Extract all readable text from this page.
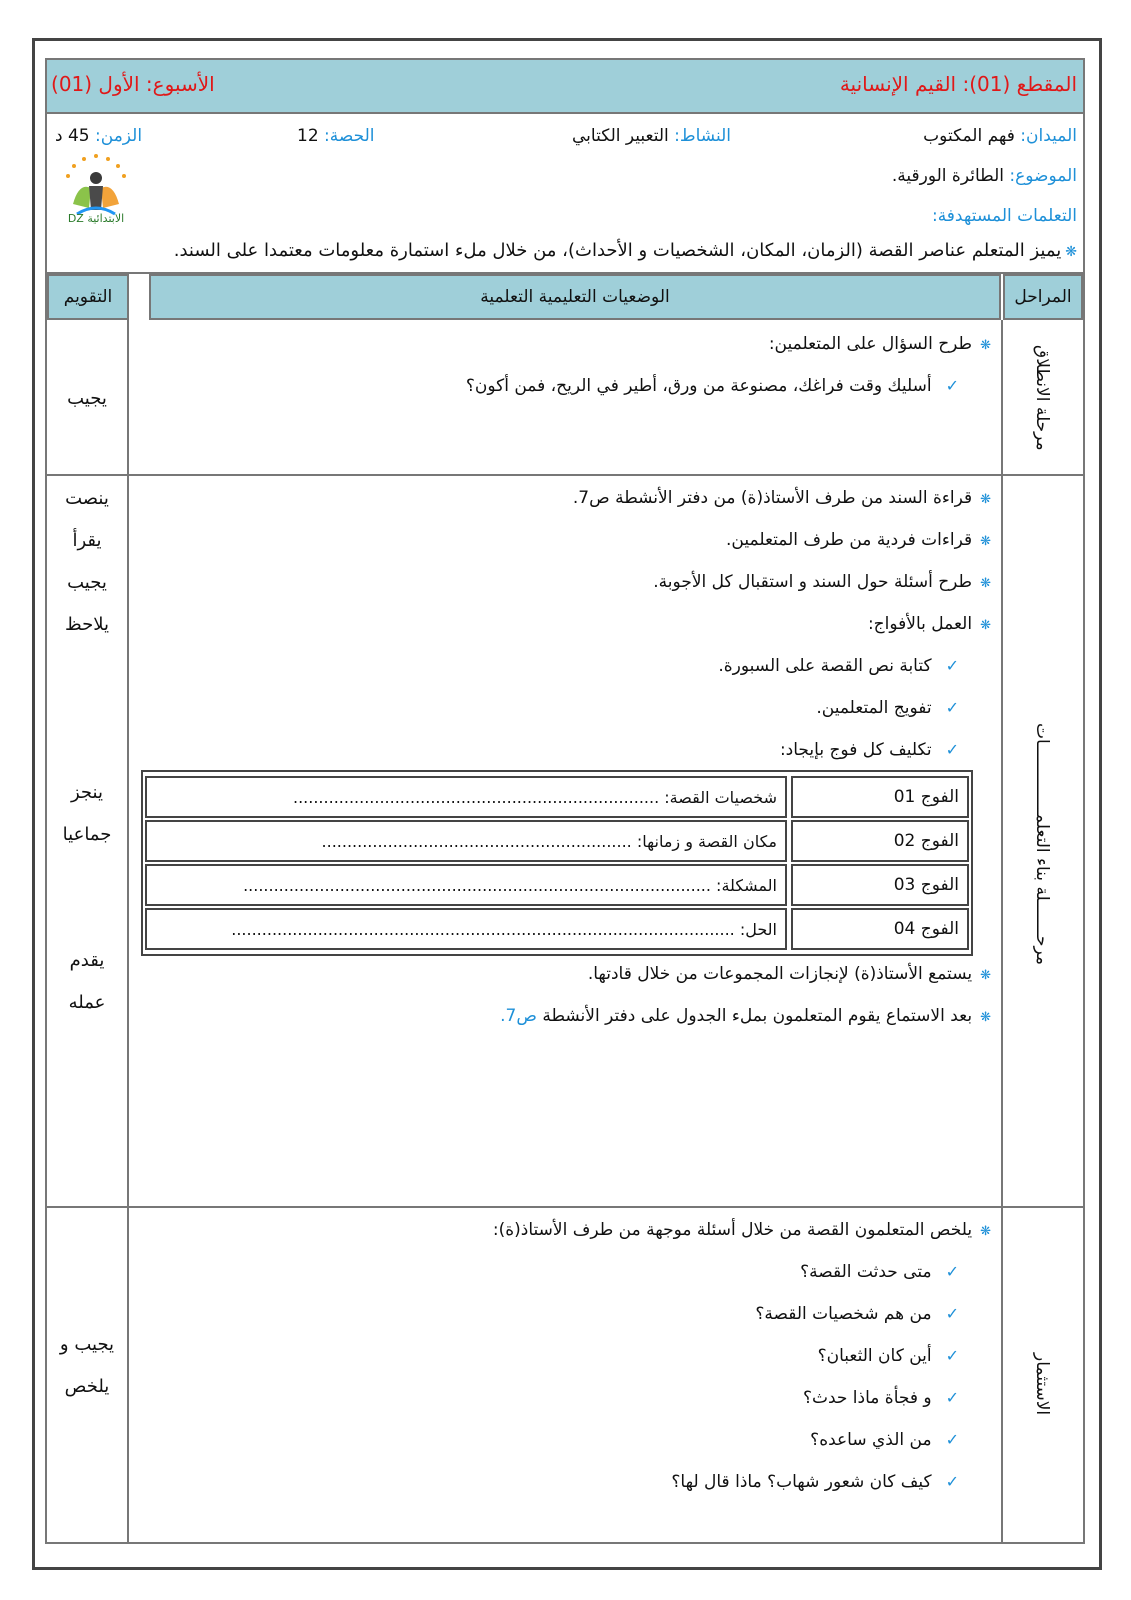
المقطع (01): القيم الإنسانية
الأسبوع: الأول (01)
الميدان: فهم المكتوب
النشاط: التعبير الكتابي
الحصة: 12
الزمن: 45 د
الموضوع: الطائرة الورقية.
التعلمات المستهدفة:
الابتدائية DZ
❋يميز المتعلم عناصر القصة (الزمان، المكان، الشخصيات و الأحداث)، من خلال ملء استمارة معلومات معتمدا على السند.
المراحل
الوضعيات التعليمية التعلمية
التقويم
مرحلة الانطلاق
❋طرح السؤال على المتعلمين:
✓أسليك وقت فراغك، مصنوعة من ورق، أطير في الريح، فمن أكون؟
يجيب
مرحـــــــلة بناء التعلمــــــــــــــات
❋قراءة السند من طرف الأستاذ(ة) من دفتر الأنشطة ص7.
❋قراءات فردية من طرف المتعلمين.
❋طرح أسئلة حول السند و استقبال كل الأجوبة.
❋العمل بالأفواج:
✓كتابة نص القصة على السبورة.
✓تفويج المتعلمين.
✓تكليف كل فوج بإيجاد:
الفوج 01
شخصيات القصة: ........................................................................
الفوج 02
مكان القصة و زمانها: .............................................................
الفوج 03
المشكلة: ............................................................................................
الفوج 04
الحل: ...................................................................................................
❋يستمع الأستاذ(ة) لإنجازات المجموعات من خلال قادتها.
❋بعد الاستماع يقوم المتعلمون بملء الجدول على دفتر الأنشطة ص7.
ينصت
يقرأ
يجيب
يلاحظ
ينجز
جماعيا
يقدم
عمله
الاستثمار
❋يلخص المتعلمون القصة من خلال أسئلة موجهة من طرف الأستاذ(ة):
✓متى حدثت القصة؟
✓من هم شخصيات القصة؟
✓أين كان الثعبان؟
✓و فجأة ماذا حدث؟
✓من الذي ساعده؟
✓كيف كان شعور شهاب؟ ماذا قال لها؟
يجيب و
يلخص
